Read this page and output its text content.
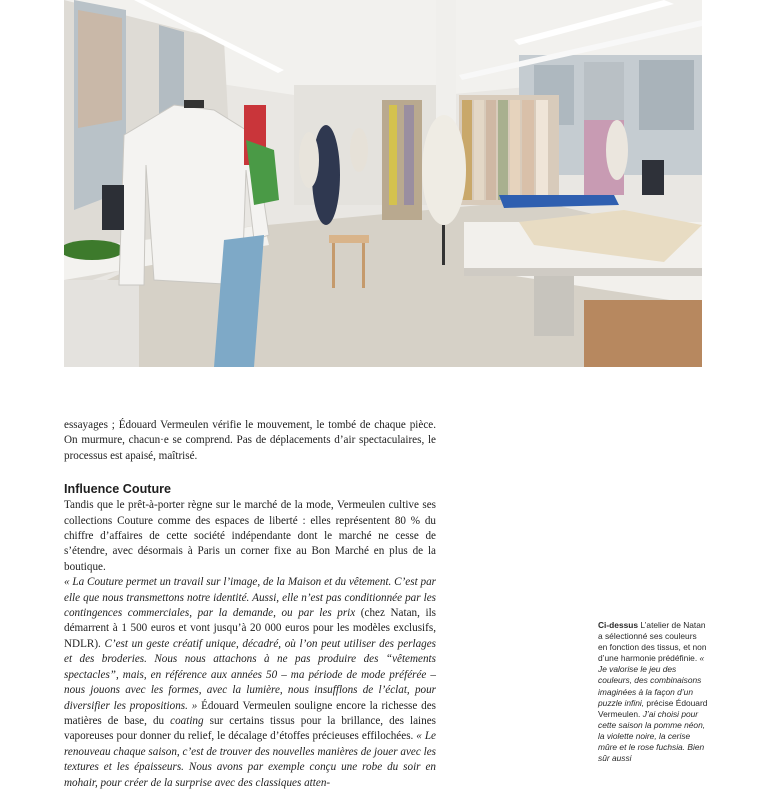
essayages ; Édouard Vermeulen vérifie le mouvement, le tombé de chaque pièce. On murmure, chacun·e se comprend. Pas de déplacements d’air spectaculaires, le processus est apaisé, maîtrisé.

Influence Couture

Tandis que le prêt-à-porter règne sur le marché de la mode, Vermeulen cultive ses collections Couture comme des espaces de liberté : elles représentent 80 % du chiffre d’affaires de cette société indépendante dont le marché ne cesse de s’étendre, avec désormais à Paris un corner fixe au Bon Marché en plus de la boutique.

« La Couture permet un travail sur l’image, de la Maison et du vêtement. C’est par elle que nous transmettons notre identité. Aussi, elle n’est pas conditionnée par les contingences commerciales, par la demande, ou par les prix (chez Natan, ils démarrent à 1 500 euros et vont jusqu’à 20 000 euros pour les modèles exclusifs, NDLR). C’est un geste créatif unique, décadré, où l’on peut utiliser des perlages et des broderies. Nous nous attachons à ne pas produire des “vêtements spectacles”, mais, en référence aux années 50 – ma période de mode préférée – nous jouons avec les formes, avec la lumière, nous insufflons de l’éclat, pour diversifier les propositions. » Édouard Vermeulen souligne encore la richesse des matières de base, du coating sur certains tissus pour la brillance, des laines vaporeuses pour donner du relief, le décalage d’étoffes précieuses effilochées. « Le renouveau chaque saison, c’est de trouver des nouvelles manières de jouer avec les textures et les épaisseurs. Nous avons par exemple conçu une robe du soir en mohair, pour créer de la surprise avec des classiques atten-

Ci-dessus L’atelier de Natan a sélectionné ses couleurs en fonction des tissus, et non d’une harmonie prédéfinie. « Je valorise le jeu des couleurs, des combinaisons imaginées à la façon d’un puzzle infini, précise Édouard Vermeulen. J’ai choisi pour cette saison la pomme néon, la violette noire, la cerise mûre et le rose fuchsia. Bien sûr aussi
